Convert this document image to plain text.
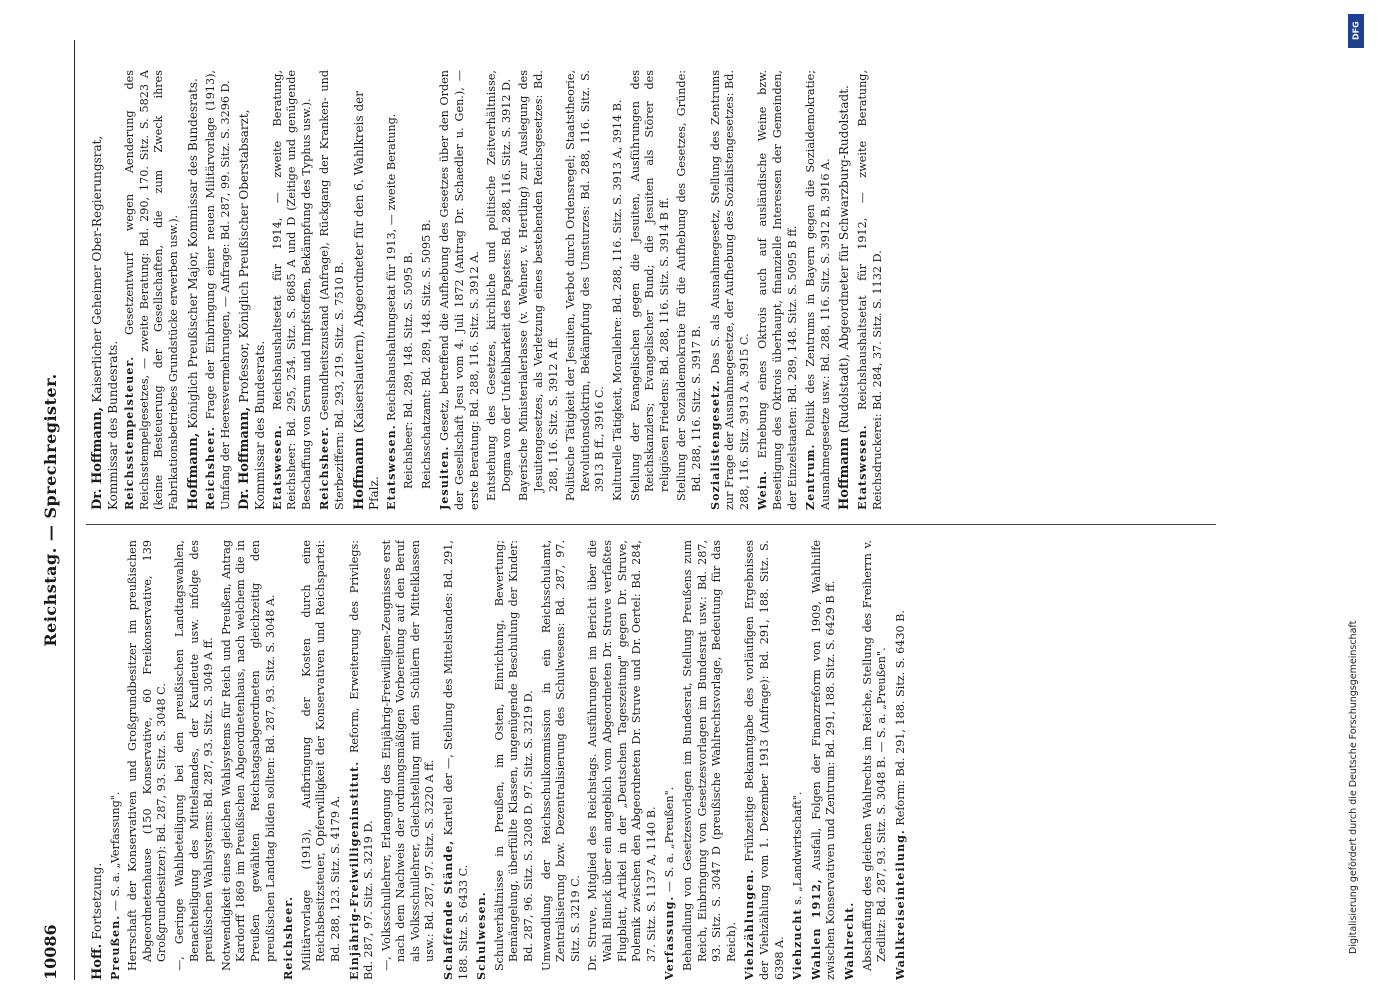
10086
Reichstag. — Sprechregister.
Hoff. Fortsetzung.
Preußen. — S. a. „Verfassung". Herrschaft der Konservativen und Großgrundbesitzer im preußischen Abgeordnetenhause (150 Konservative, 60 Freikonservative, 139 Großgrundbesitzer): Bd. 287, 93. Sitz. S. 3048 C. —, Geringe Wahlbeteiligung bei den preußischen Landtagswahlen, Benachteiligung des Mittelstandes, der Kaufleute usw. infolge des preußischen Wahlsystems: Bd. 287, 93. Sitz. S. 3049 A ff. Notwendigkeit eines gleichen Wahlsystems für Reich und Preußen, Antrag Kardorff 1869 im Preußischen Abgeordnetenhaus, nach welchem die in Preußen gewählten Reichstagsabgeordneten gleichzeitig den preußischen Landtag bilden sollten: Bd. 287, 93. Sitz. S. 3048 A. Reichsheer. Militärvorlage (1913), Aufbringung der Kosten durch eine Reichsbesitzsteuer, Opferwilligkeit der Konservativen und Reichspartei: Bd. 288, 123. Sitz. S. 4179 A. Einjährig-Freiwilligeninstitut. Reform, Erweiterung des Privilegs: Bd. 287, 97. Sitz. S. 3219 D. —, Volksschullehrer, Erlangung des Einjährig-Freiwilligen-Zeugnisses erst nach dem Nachweis der ordnungsmäßigen Vorbereitung auf den Beruf als Volksschullehrer, Gleichstellung mit den Schülern der Mittelklassen usw.: Bd. 287, 97. Sitz. S. 3220 A ff. Schaffende Stände, Kartell der —, Stellung des Mittelstandes: Bd. 291, 188. Sitz. S. 6433 C. Schulwesen. Schulverhältnisse in Preußen, im Osten, Einrichtung, Bewertung; Bemängelung, überfüllte Klassen, ungenügende Beschulung der Kinder: Bd. 287, 96. Sitz. S. 3208 D. 97. Sitz. S. 3219 D. Umwandlung der Reichsschulkommission in ein Reichsschulamt, Zentralisierung bzw. Dezentralisierung des Schulwesens: Bd. 287, 97. Sitz. S. 3219 C. Dr. Struve, Mitglied des Reichstags. Ausführungen im Bericht über die Wahl Blunck über ein angeblich vom Abgeordneten Dr. Struve verfaßtes Flugblatt, Artikel in der „Deutschen Tageszeitung" gegen Dr. Struve, Polemik zwischen den Abgeordneten Dr. Struve und Dr. Oertel: Bd. 284, 37. Sitz. S. 1137 A, 1140 B. Verfassung. — S. a. „Preußen". Behandlung von Gesetzesvorlagen im Bundesrat, Stellung Preußens zum Reich, Einbringung von Gesetzesvorlagen im Bundesrat usw.: Bd. 287, 93. Sitz. S. 3047 D (preußische Wahlrechtsvorlage, Bedeutung für das Reich). Viehzählungen. Frühzeitige Bekanntgabe des vorläufigen Ergebnisses der Viehzählung vom 1. Dezember 1913 (Anfrage): Bd. 291, 188. Sitz. S. 6398 A. Viehzucht s. „Landwirtschaft".
Wahlen 1912, Ausfall, Folgen der Finanzreform von 1909, Wahlhilfe zwischen Konservativen und Zentrum: Bd. 291, 188. Sitz. S. 6429 B ff. Wahlrecht. Abschaffung des gleichen Wahlrechts im Reiche, Stellung des Freiherrn v. Zedlitz: Bd. 287, 93. Sitz. S. 3048 B. — S. a. „Preußen". Wahlkreiseinteilung. Reform: Bd. 291, 188. Sitz. S. 6430 B.
Dr. Hoffmann, Kaiserlicher Geheimer Ober-Regierungsrat, Kommissar des Bundesrats. Reichsstempelsteuer. Gesetzentwurf wegen Aenderung des Reichsstempelgesetzes, — zweite Beratung: Bd. 290, 170. Sitz. S. 5823 A (keine Besteuerung der Gesellschaften, die zum Zweck ihres Fabrikationsbetriebes Grundstücke erwerben usw.). Hoffmann, Königlich Preußischer Major, Kommissar des Bundesrats.
Reichsheer. Frage der Einbringung einer neuen Militärvorlage (1913), Umfang der Heeresvermehrungen, — Anfrage: Bd. 287, 99. Sitz. S. 3296 D. Dr. Hoffmann, Professor, Königlich Preußischer Oberstabsarzt, Kommissar des Bundesrats. Etatswesen. Reichshaushaltsetat für 1914, — zweite Beratung, Reichsheer: Bd. 295, 254. Sitz. S. 8685 A und D (Zeitige und genügende Beschaffung von Serum und Impfstoffen, Bekämpfung des Typhus usw.). Reichsheer. Gesundheitszustand (Anfrage), Rückgang der Kranken- und Sterbeziffern: Bd. 293, 219. Sitz. S. 7510 B. Hoffmann (Kaiserslautern), Abgeordneter für den 6. Wahlkreis der Pfalz. Etatswesen. Reichshaushaltungsetat für 1913, — zweite Beratung. Reichsheer: Bd. 289, 148. Sitz. S. 5095 B. Reichsschatzamt: Bd. 289, 148. Sitz. S. 5095 B. Jesuiten. Gesetz, betreffend die Aufhebung des Gesetzes über den Orden der Gesellschaft Jesu vom 4. Juli 1872 (Antrag Dr. Schaedler u. Gen.), — erste Beratung: Bd. 288, 116. Sitz. S. 3912 A. Entstehung des Gesetzes, kirchliche und politische Zeitverhältnisse, Dogma von der Unfehlbarkeit des Papstes: Bd. 288, 116. Sitz. S. 3912 D. Bayerische Ministerialerlasse (v. Wehner, v. Hertling) zur Auslegung des Jesuitengesetzes, als Verletzung eines bestehenden Reichsgesetzes: Bd. 288, 116. Sitz. S. 3912 A ff. Politische Tätigkeit der Jesuiten, Verbot durch Ordensregel; Staatstheorie, Revolutionsdoktrin, Bekämpfung des Umsturzes: Bd. 288, 116. Sitz. S. 3913 B ff., 3916 C. Kulturelle Tätigkeit, Morallehre: Bd. 288, 116. Sitz. S. 3913 A, 3914 B. Stellung der Evangelischen gegen die Jesuiten, Ausführungen des Reichskanzlers; Evangelischer Bund; die Jesuiten als Störer des religiösen Friedens: Bd. 288, 116. Sitz. S. 3914 B ff. Stellung der Sozialdemokratie für die Aufhebung des Gesetzes, Gründe: Bd. 288, 116. Sitz. S. 3917 B. Sozialistengesetz. Das S. als Ausnahmegesetz, Stellung des Zentrums zur Frage der Ausnahmegesetze, der Aufhebung des Sozialistengesetzes: Bd. 288, 116. Sitz. 3913 A, 3915 C. Wein. Erhebung eines Oktrois auch auf ausländische Weine bzw. Beseitigung des Oktrois überhaupt, finanzielle Interessen der Gemeinden, der Einzelstaaten: Bd. 289, 148. Sitz. S. 5095 B ff. Zentrum. Politik des Zentrums in Bayern gegen die Sozialdemokratie; Ausnahmegesetze usw.: Bd. 288, 116. Sitz. S. 3912 B, 3916 A. Hoffmann (Rudolstadt), Abgeordneter für Schwarzburg-Rudolstadt.
Etatswesen. Reichshaushaltsetat für 1912, — zweite Beratung, Reichsdruckerei: Bd. 284, 37. Sitz. S. 1132 D.
DFG
Digitalisierung gefördert durch die Deutsche Forschungsgemeinschaft
